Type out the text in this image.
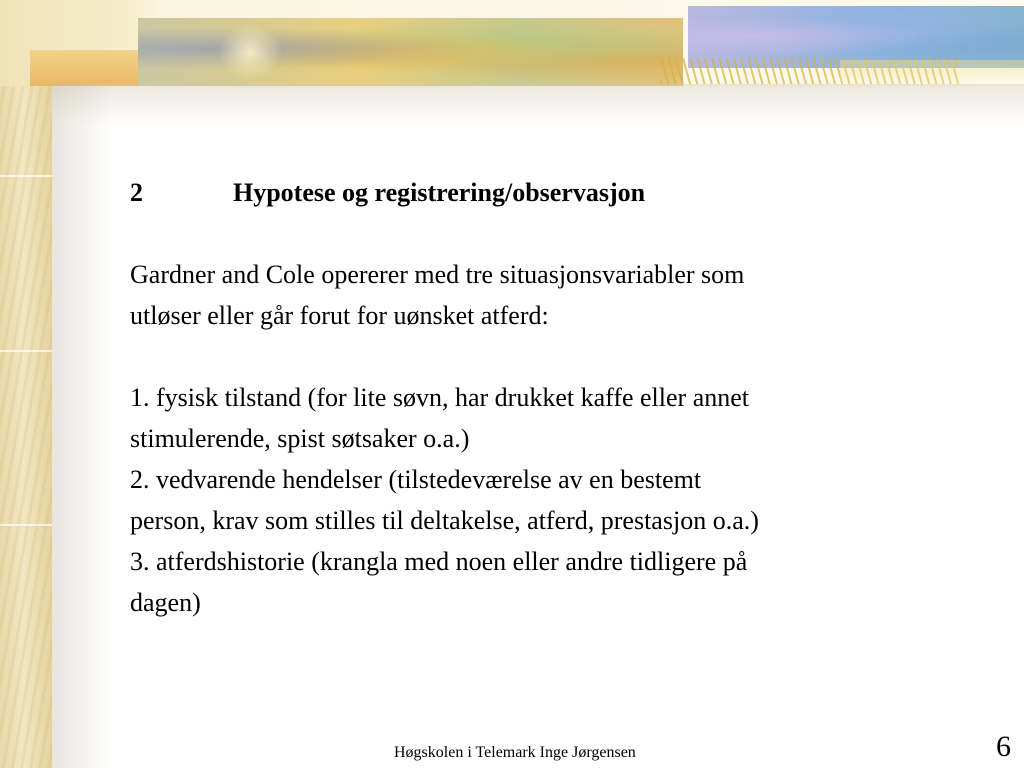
2	Hypotese og registrering/observasjon

Gardner and Cole opererer med tre situasjonsvariabler som
utløser eller går forut for uønsket atferd:

1. fysisk tilstand (for lite søvn, har drukket kaffe eller annet
stimulerende, spist søtsaker o.a.)
2. vedvarende hendelser (tilstedeværelse av en bestemt
person, krav som stilles til deltakelse, atferd, prestasjon o.a.)
3. atferdshistorie (krangla med noen eller andre tidligere på
dagen)

Høgskolen i Telemark Inge Jørgensen	6
